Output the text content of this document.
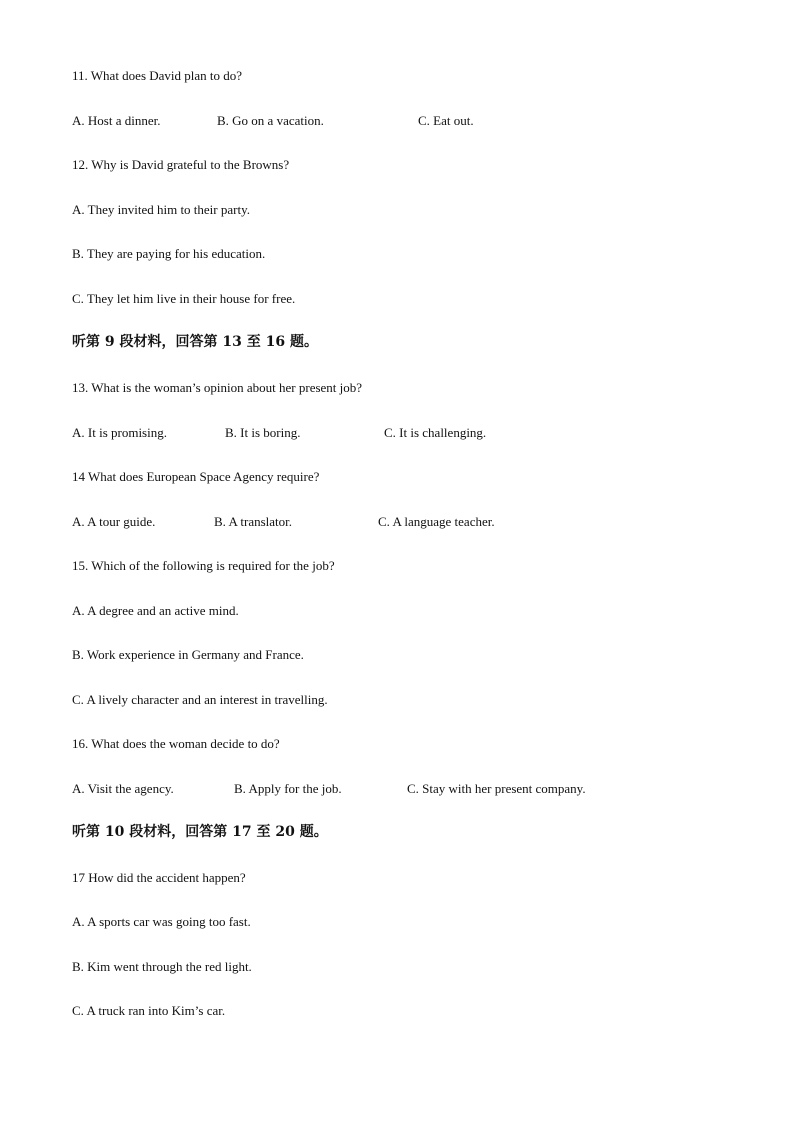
11. What does David plan to do?
A. Host a dinner.	B. Go on a vacation.	C. Eat out.
12. Why is David grateful to the Browns?
A. They invited him to their party.
B. They are paying for his education.
C. They let him live in their house for free.
听第 9 段材料，回答第 13 至 16 题。
13. What is the woman’s opinion about her present job?
A. It is promising.	B. It is boring.	C. It is challenging.
14 What does European Space Agency require?
A. A tour guide.	B. A translator.	C. A language teacher.
15. Which of the following is required for the job?
A. A degree and an active mind.
B. Work experience in Germany and France.
C. A lively character and an interest in travelling.
16. What does the woman decide to do?
A. Visit the agency.	B. Apply for the job.	C. Stay with her present company.
听第 10 段材料，回答第 17 至 20 题。
17 How did the accident happen?
A. A sports car was going too fast.
B. Kim went through the red light.
C. A truck ran into Kim’s car.
